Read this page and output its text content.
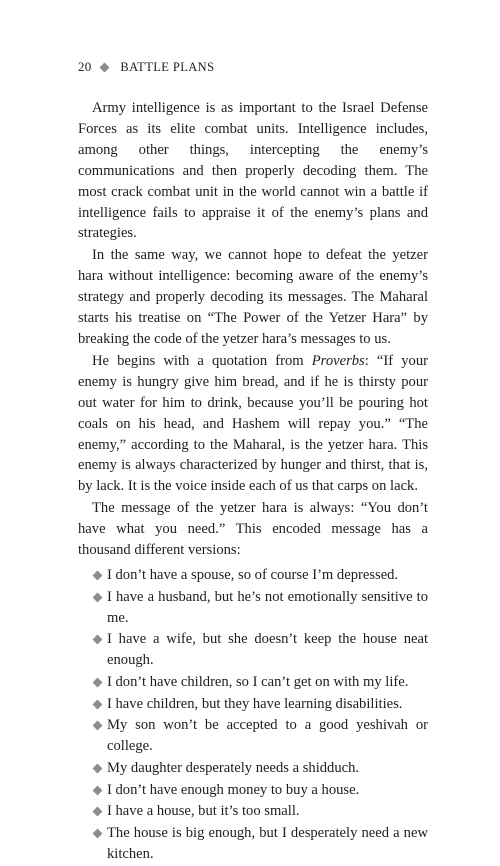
20 BATTLE PLANS

Army intelligence is as important to the Israel Defense Forces as its elite combat units. Intelligence includes, among other things, intercepting the enemy’s communications and then properly decoding them. The most crack combat unit in the world cannot win a battle if intelligence fails to appraise it of the enemy’s plans and strategies.

In the same way, we cannot hope to defeat the yetzer hara without intelligence: becoming aware of the enemy’s strategy and properly decoding its messages. The Maharal starts his treatise on “The Power of the Yetzer Hara” by breaking the code of the yetzer hara’s messages to us.

He begins with a quotation from Proverbs: “If your enemy is hungry give him bread, and if he is thirsty pour out water for him to drink, because you’ll be pouring hot coals on his head, and Hashem will repay you.” “The enemy,” according to the Maharal, is the yetzer hara. This enemy is always characterized by hunger and thirst, that is, by lack. It is the voice inside each of us that carps on lack.

The message of the yetzer hara is always: “You don’t have what you need.” This encoded message has a thousand different versions:

I don’t have a spouse, so of course I’m depressed.
I have a husband, but he’s not emotionally sensitive to me.
I have a wife, but she doesn’t keep the house neat enough.
I don’t have children, so I can’t get on with my life.
I have children, but they have learning disabilities.
My son won’t be accepted to a good yeshivah or college.
My daughter desperately needs a shidduch.
I don’t have enough money to buy a house.
I have a house, but it’s too small.
The house is big enough, but I desperately need a new kitchen.
